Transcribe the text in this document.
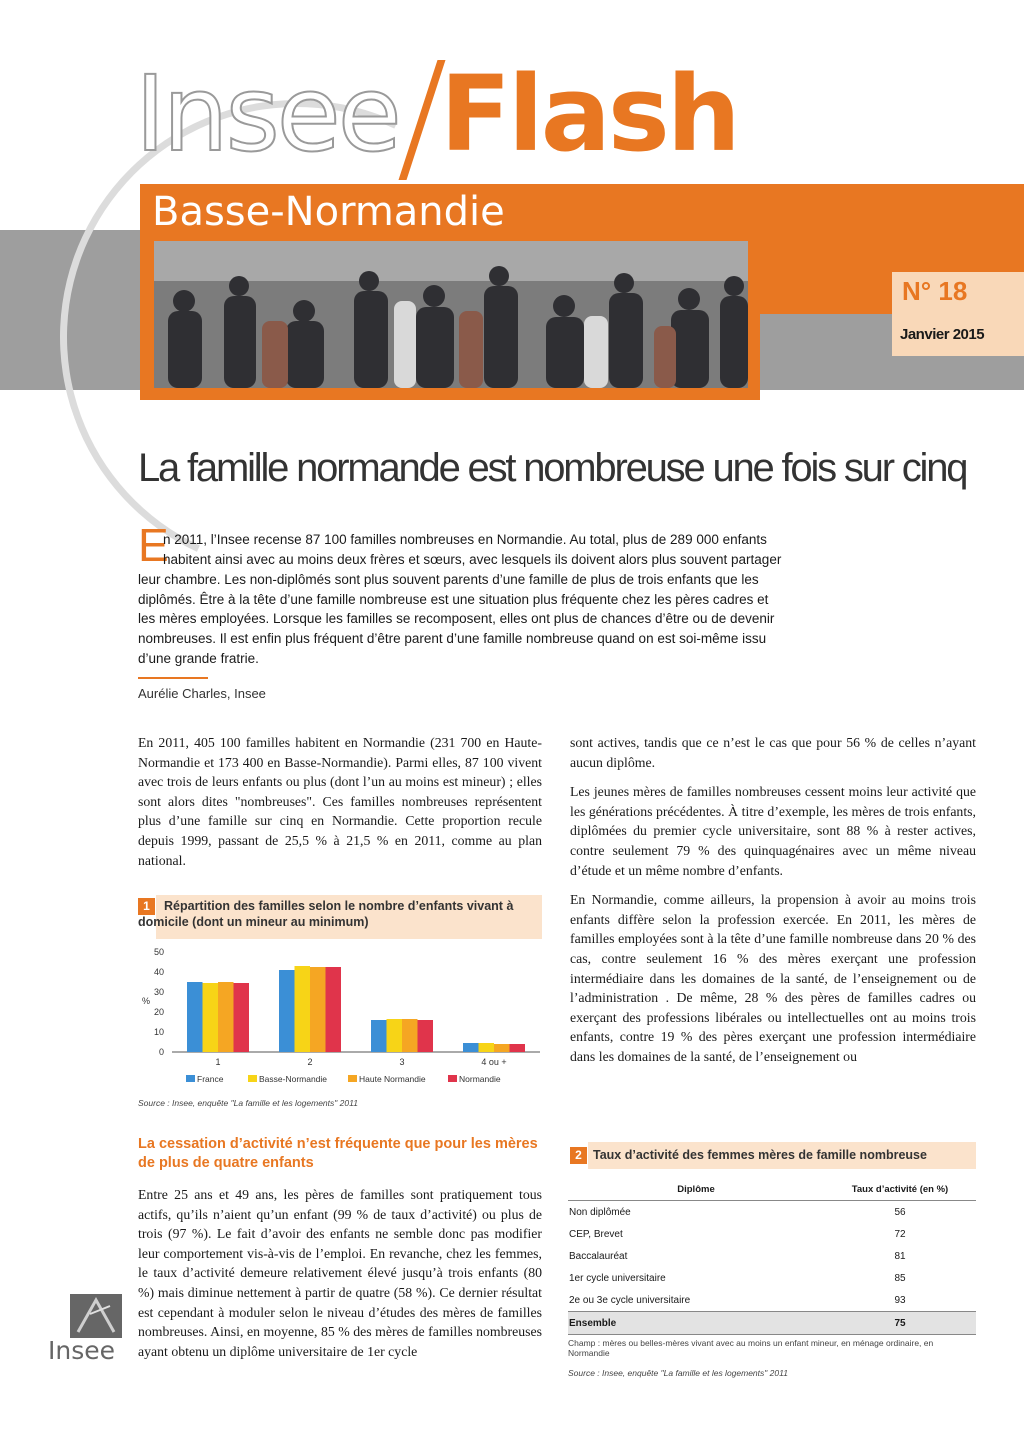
Insee Flash
Basse-Normandie
N° 18
Janvier 2015
La famille normande est nombreuse une fois sur cinq
E
n 2011, l’Insee recense 87 100 familles nombreuses en Normandie. Au total, plus de 289 000 enfants
habitent ainsi avec au moins deux frères et sœurs, avec lesquels ils doivent alors plus souvent partager
leur chambre. Les non-diplômés sont plus souvent parents d’une famille de plus de trois enfants que les
diplômés. Être à la tête d’une famille nombreuse est une situation plus fréquente chez les pères cadres et
les mères employées. Lorsque les familles se recomposent, elles ont plus de chances d’être ou de devenir
nombreuses. Il est enfin plus fréquent d’être parent d’une famille nombreuse quand on est soi-même issu
d’une grande fratrie.
Aurélie Charles, Insee

En 2011, 405 100 familles habitent en Normandie (231 700 en Haute-Normandie et 173 400 en Basse-Normandie). Parmi elles, 87 100 vivent avec trois de leurs enfants ou plus (dont l’un au moins est mineur) ; elles sont alors dites "nombreuses". Ces familles nombreuses représentent plus d’une famille sur cinq en Normandie. Cette proportion recule depuis 1999, passant de 25,5 % à 21,5 % en 2011, comme au plan national.

1	Répartition des familles selon le nombre d’enfants vivant à domicile (dont un mineur au minimum)
0
10
20
30
40
50
%
1	2	3	4 ou +
France	Basse-Normandie	Haute Normandie	Normandie
Source : Insee, enquête "La famille et les logements" 2011
La cessation d’activité n’est fréquente que pour les mères de plus de quatre enfants

Entre 25 ans et 49 ans, les pères de familles sont pratiquement tous actifs, qu’ils n’aient qu’un enfant (99 % de taux d’activité) ou plus de trois (97 %). Le fait d’avoir des enfants ne semble donc pas modifier leur comportement vis-à-vis de l’emploi. En revanche, chez les femmes, le taux d’activité demeure relativement élevé jusqu’à trois enfants (80 %) mais diminue nettement à partir de quatre (58 %). Ce dernier résultat est cependant à moduler selon le niveau d’études des mères de familles nombreuses. Ainsi, en moyenne, 85 % des mères de familles nombreuses ayant obtenu un diplôme universitaire de 1er cycle

sont actives, tandis que ce n’est le cas que pour 56 % de celles n’ayant aucun diplôme.

Les jeunes mères de familles nombreuses cessent moins leur activité que les générations précédentes. À titre d’exemple, les mères de trois enfants, diplômées du premier cycle universitaire, sont 88 % à rester actives, contre seulement 79 % des quinquagénaires avec un même niveau d’étude et un même nombre d’enfants.

En Normandie, comme ailleurs, la propension à avoir au moins trois enfants diffère selon la profession exercée. En 2011, les mères de familles employées sont à la tête d’une famille nombreuse dans 20 % des cas, contre seulement 16 % des mères exerçant une profession intermédiaire dans les domaines de la santé, de l’enseignement ou de l’administration . De même, 28 % des pères de familles cadres ou exerçant des professions libérales ou intellectuelles ont au moins trois enfants, contre 19 % des pères exerçant une profession intermédiaire dans les domaines de la santé, de l’enseignement ou

2 Taux d’activité des femmes mères de famille nombreuse
Diplôme	Taux d’activité (en %)
Non diplômée	56
CEP, Brevet	72
Baccalauréat	81
1er cycle universitaire	85
2e ou 3e cycle universitaire	93
Ensemble	75
Champ : mères ou belles-mères vivant avec au moins un enfant mineur, en ménage ordinaire, en Normandie
Source : Insee, enquête "La famille et les logements" 2011
Insee
